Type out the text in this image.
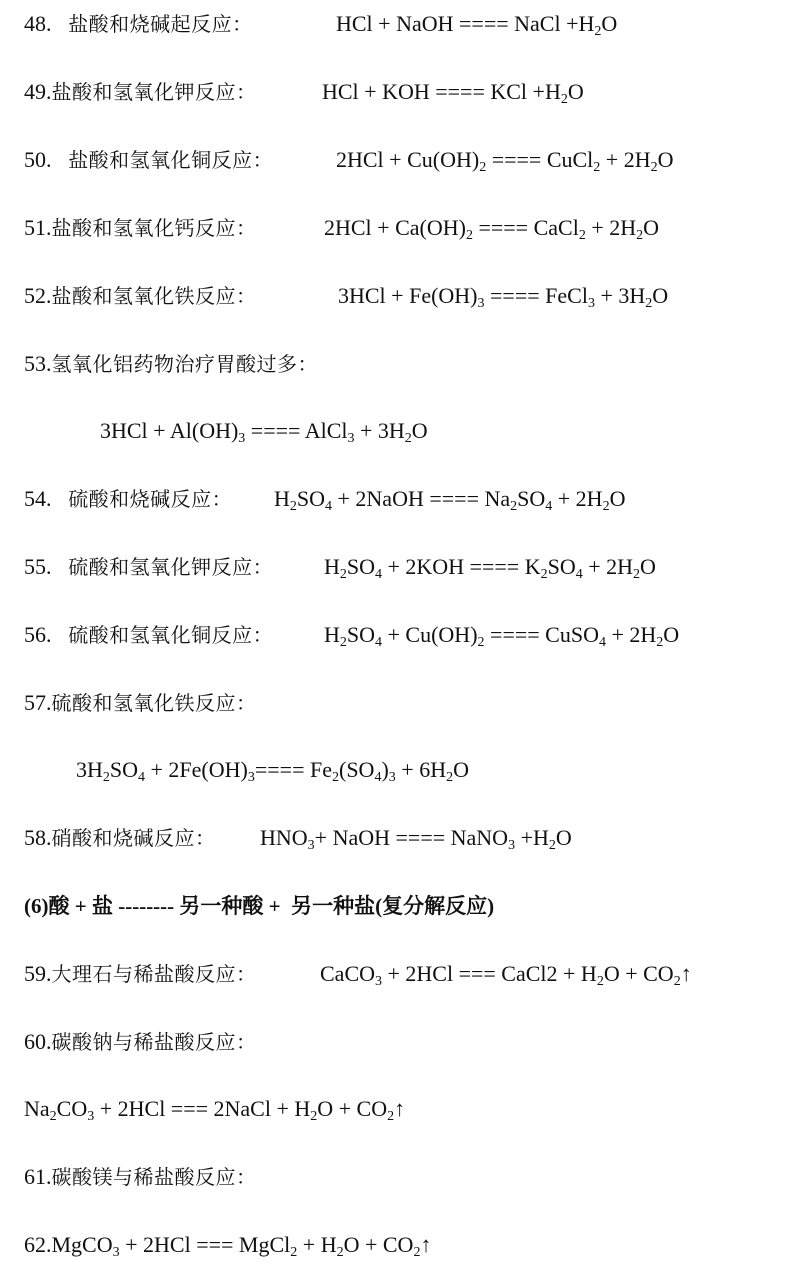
48. 盐酸和烧碱起反应：	HCl + NaOH ==== NaCl $+H_2O$
49.盐酸和氢氧化钾反应：	HCl + KOH ==== KCl $+H_2O$
50. 盐酸和氢氧化铜反应：	$2HCl + Cu(OH)_2$ ==== CuCl$_2$ + $2H_2O$
51.盐酸和氢氧化钙反应：	$2HCl + Ca(OH)_2$ ==== CaCl$_2$ + $2H_2O$
52.盐酸和氢氧化铁反应：	$3HCl + Fe(OH)_3$ ==== FeCl$_3$ + $3H_2O$
53.氢氧化铝药物治疗胃酸过多：
$3HCl + Al(OH)_3$ ==== AlCl$_3$ + $3H_2O$
54. 硫酸和烧碱反应： $H_2SO_4$ + 2NaOH ==== $Na_2SO_4 + 2H_2O$
55. 硫酸和氢氧化钾反应： $H_2SO_4 + 2KOH$ ==== $K_2SO_4 + 2H_2O$
56. 硫酸和氢氧化铜反应： $H_2SO_4 + Cu(OH)_2$ ==== CuSO$_4$ + $2H_2O$
57.硫酸和氢氧化铁反应：
$3H_2SO_4 + 2Fe(OH)_3==== Fe_2(SO_4)_3 + 6H_2O$
58.硝酸和烧碱反应： $HNO_3+$ NaOH ==== NaNO$_3$ $+H_2O$
(6)酸 + 盐 -------- 另一种酸 +  另一种盐(复分解反应)
59.大理石与稀盐酸反应：	CaCO$_3$ + 2HCl === CaCl2 + $H_2O$ + $CO_2↑$
60.碳酸钠与稀盐酸反应：
$Na_2CO_3 + 2HCl$ === 2NaCl + $H_2O$ + $CO_2↑$
61.碳酸镁与稀盐酸反应：
62.MgCO$_3$ + 2HCl === MgCl$_2$ + $H_2O$ + $CO_2↑$
